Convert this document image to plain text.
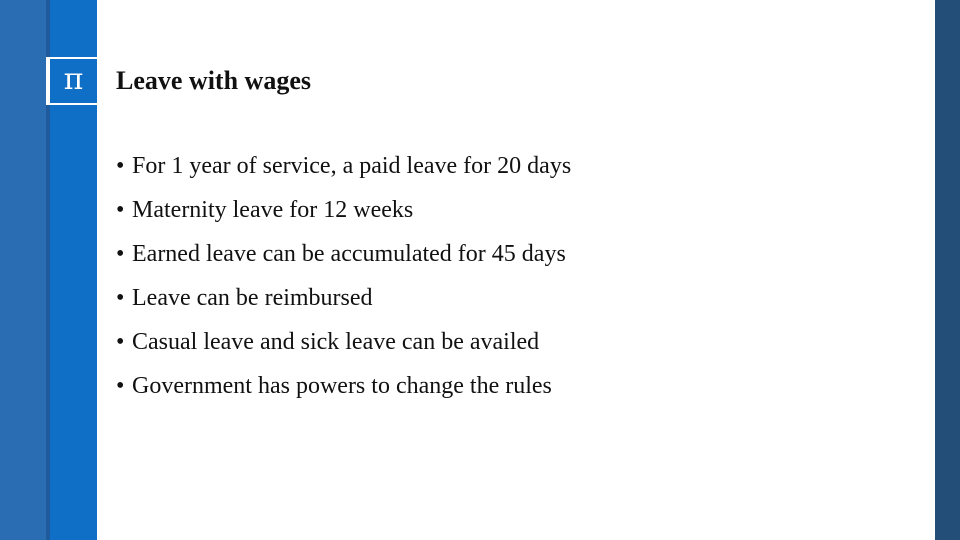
π Leave with wages
• For 1 year of service, a paid leave for 20 days
• Maternity leave for 12 weeks
• Earned leave can be accumulated for 45 days
• Leave can be reimbursed
• Casual leave and sick leave can be availed
• Government has powers to change the rules
